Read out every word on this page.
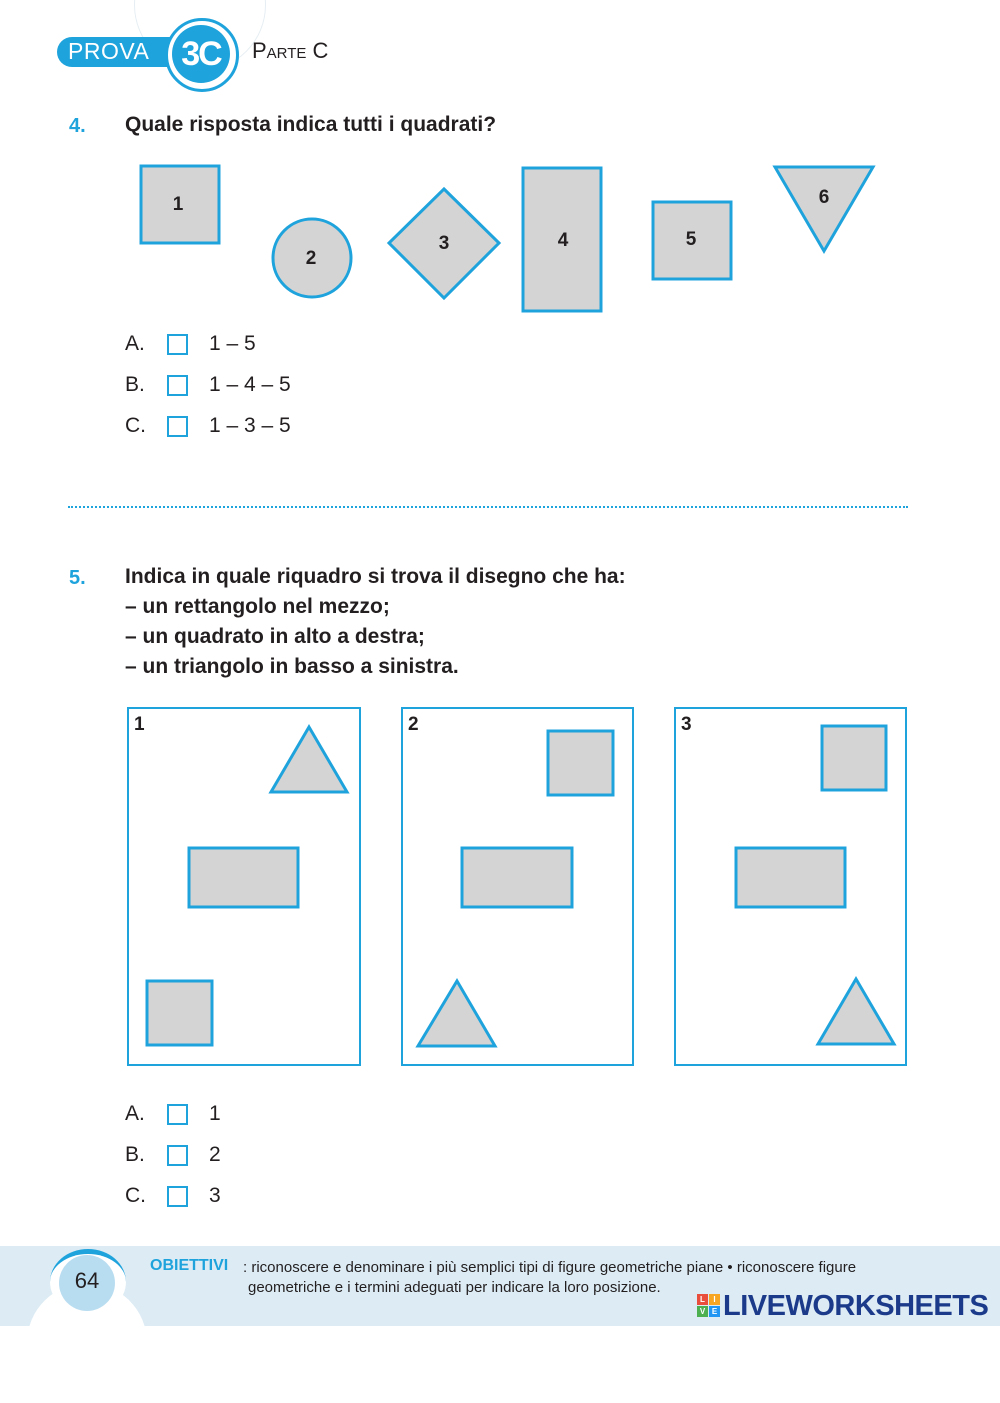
PROVA 3C	Parte C
4. Quale risposta indica tutti i quadrati?
1
2
3	4	5
6
A.	1 – 5
B.	1 – 4 – 5
C.	1 – 3 – 5
5. Indica in quale riquadro si trova il disegno che ha:
– un rettangolo nel mezzo;
– un quadrato in alto a destra;
– un triangolo in basso a sinistra.
1	2	3
A.	1
B.	2
C.	3
64
OBIETTIVI : riconoscere e denominare i più semplici tipi di figure geometriche piane • riconoscere figure
geometriche e i termini adeguati per indicare la loro posizione.
L	I
V E LIVEWORKSHEETS
